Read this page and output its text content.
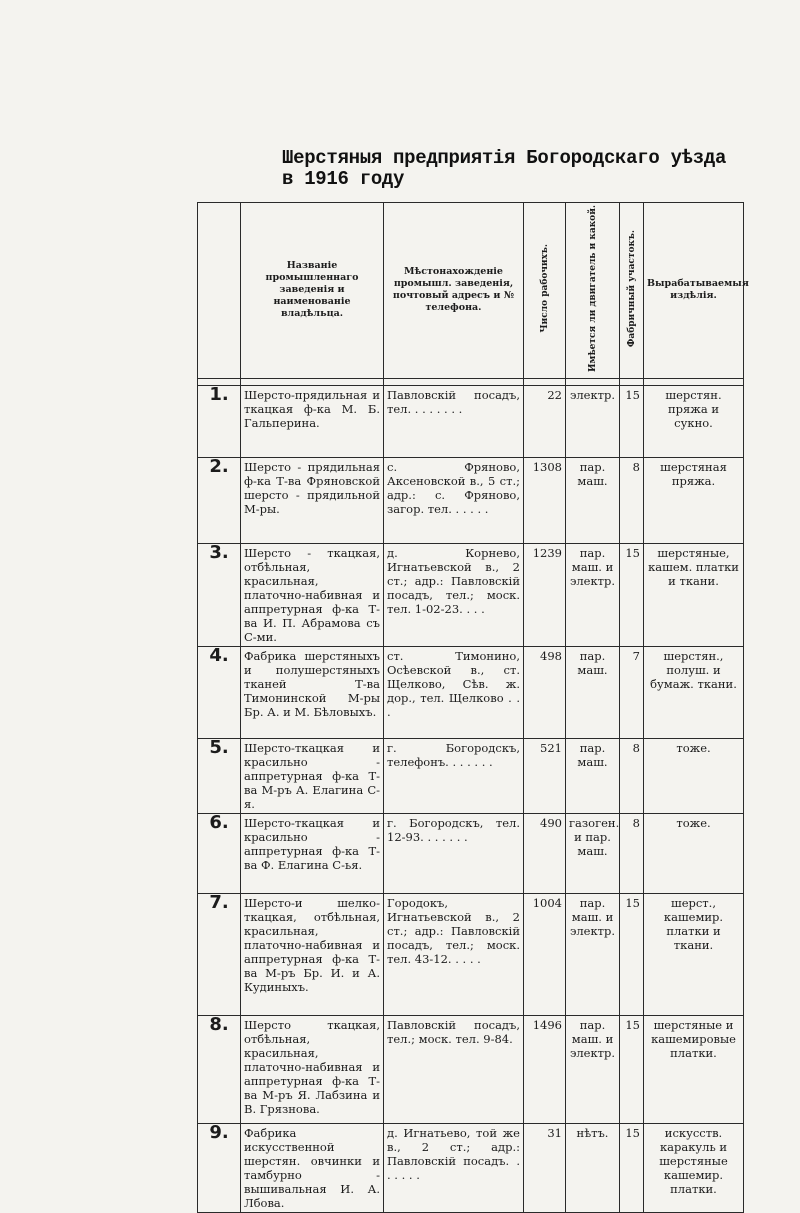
Шерстяныя предприятія Богородскаго уѣзда
в 1916 году
	Названіе промышленнаго заведенія и наименованіе владѣльца.	Мѣстонахожденіе промышл. заведенія, почтовый адресъ и № телефона.	Число рабочихъ.	Имѣется ли двигатель и какой.	Фабричный участокъ.	Вырабатываемыя издѣлія.

1.	Шерсто-прядильная и ткацкая ф-ка М. Б. Гальперина.	Павловскій посадъ, тел. . . . . . . .	22	электр.	15	шерстян. пряжа и сукно.
2.	Шерсто - прядильная ф-ка Т-ва Фряновской шерсто - прядильной М-ры.	с. Фряново, Аксеновской в., 5 ст.; адр.: с. Фряново, загор. тел. . . . . .	1308	пар. маш.	8	шерстяная пряжа.
3.	Шерсто - ткацкая, отбѣльная, красильная, платочно-набивная и аппретурная ф-ка Т-ва И. П. Абрамова съ С-ми.	д. Корнево, Игнатьевской в., 2 ст.; адр.: Павловскій посадъ, тел.; моск. тел. 1-02-23. . . .	1239	пар. маш. и электр.	15	шерстяные, кашем. платки и ткани.
4.	Фабрика шерстяныхъ и полушерстяныхъ тканей Т-ва Тимонинской М-ры Бр. А. и М. Бѣловыхъ.	ст. Тимонино, Осѣевской в., ст. Щелково, Сѣв. ж. дор., тел. Щелково . . .	498	пар. маш.	7	шерстян., полуш. и бумаж. ткани.
5.	Шерсто-ткацкая и красильно - аппретурная ф-ка Т-ва М-ръ А. Елагина С-я.	г. Богородскъ, телефонъ. . . . . . .	521	пар. маш.	8	тоже.
6.	Шерсто-ткацкая и красильно - аппретурная ф-ка Т-ва Ф. Елагина С-ья.	г. Богородскъ, тел. 12-93. . . . . . .	490	газоген. и пар. маш.	8	тоже.
7.	Шерсто-и шелко-ткацкая, отбѣльная, красильная, платочно-набивная и аппретурная ф-ка Т-ва М-ръ Бр. И. и А. Кудиныхъ.	Городокъ, Игнатьевской в., 2 ст.; адр.: Павловскій посадъ, тел.; моск. тел. 43-12. . . . .	1004	пар. маш. и электр.	15	шерст., кашемир. платки и ткани.
8.	Шерсто ткацкая, отбѣльная, красильная, платочно-набивная и аппретурная ф-ка Т-ва М-ръ Я. Лабзина и В. Грязнова.	Павловскій посадъ, тел.; моск. тел. 9-84.	1496	пар. маш. и электр.	15	шерстяные и кашемировые платки.
9.	Фабрика искусственной шерстян. овчинки и тамбурно - вышивальная И. А. Лбова.	д. Игнатьево, той же в., 2 ст.; адр.: Павловскій посадъ. . . . . . .	31	нѣтъ.	15	искусств. каракуль и шерстяные кашемир. платки.
